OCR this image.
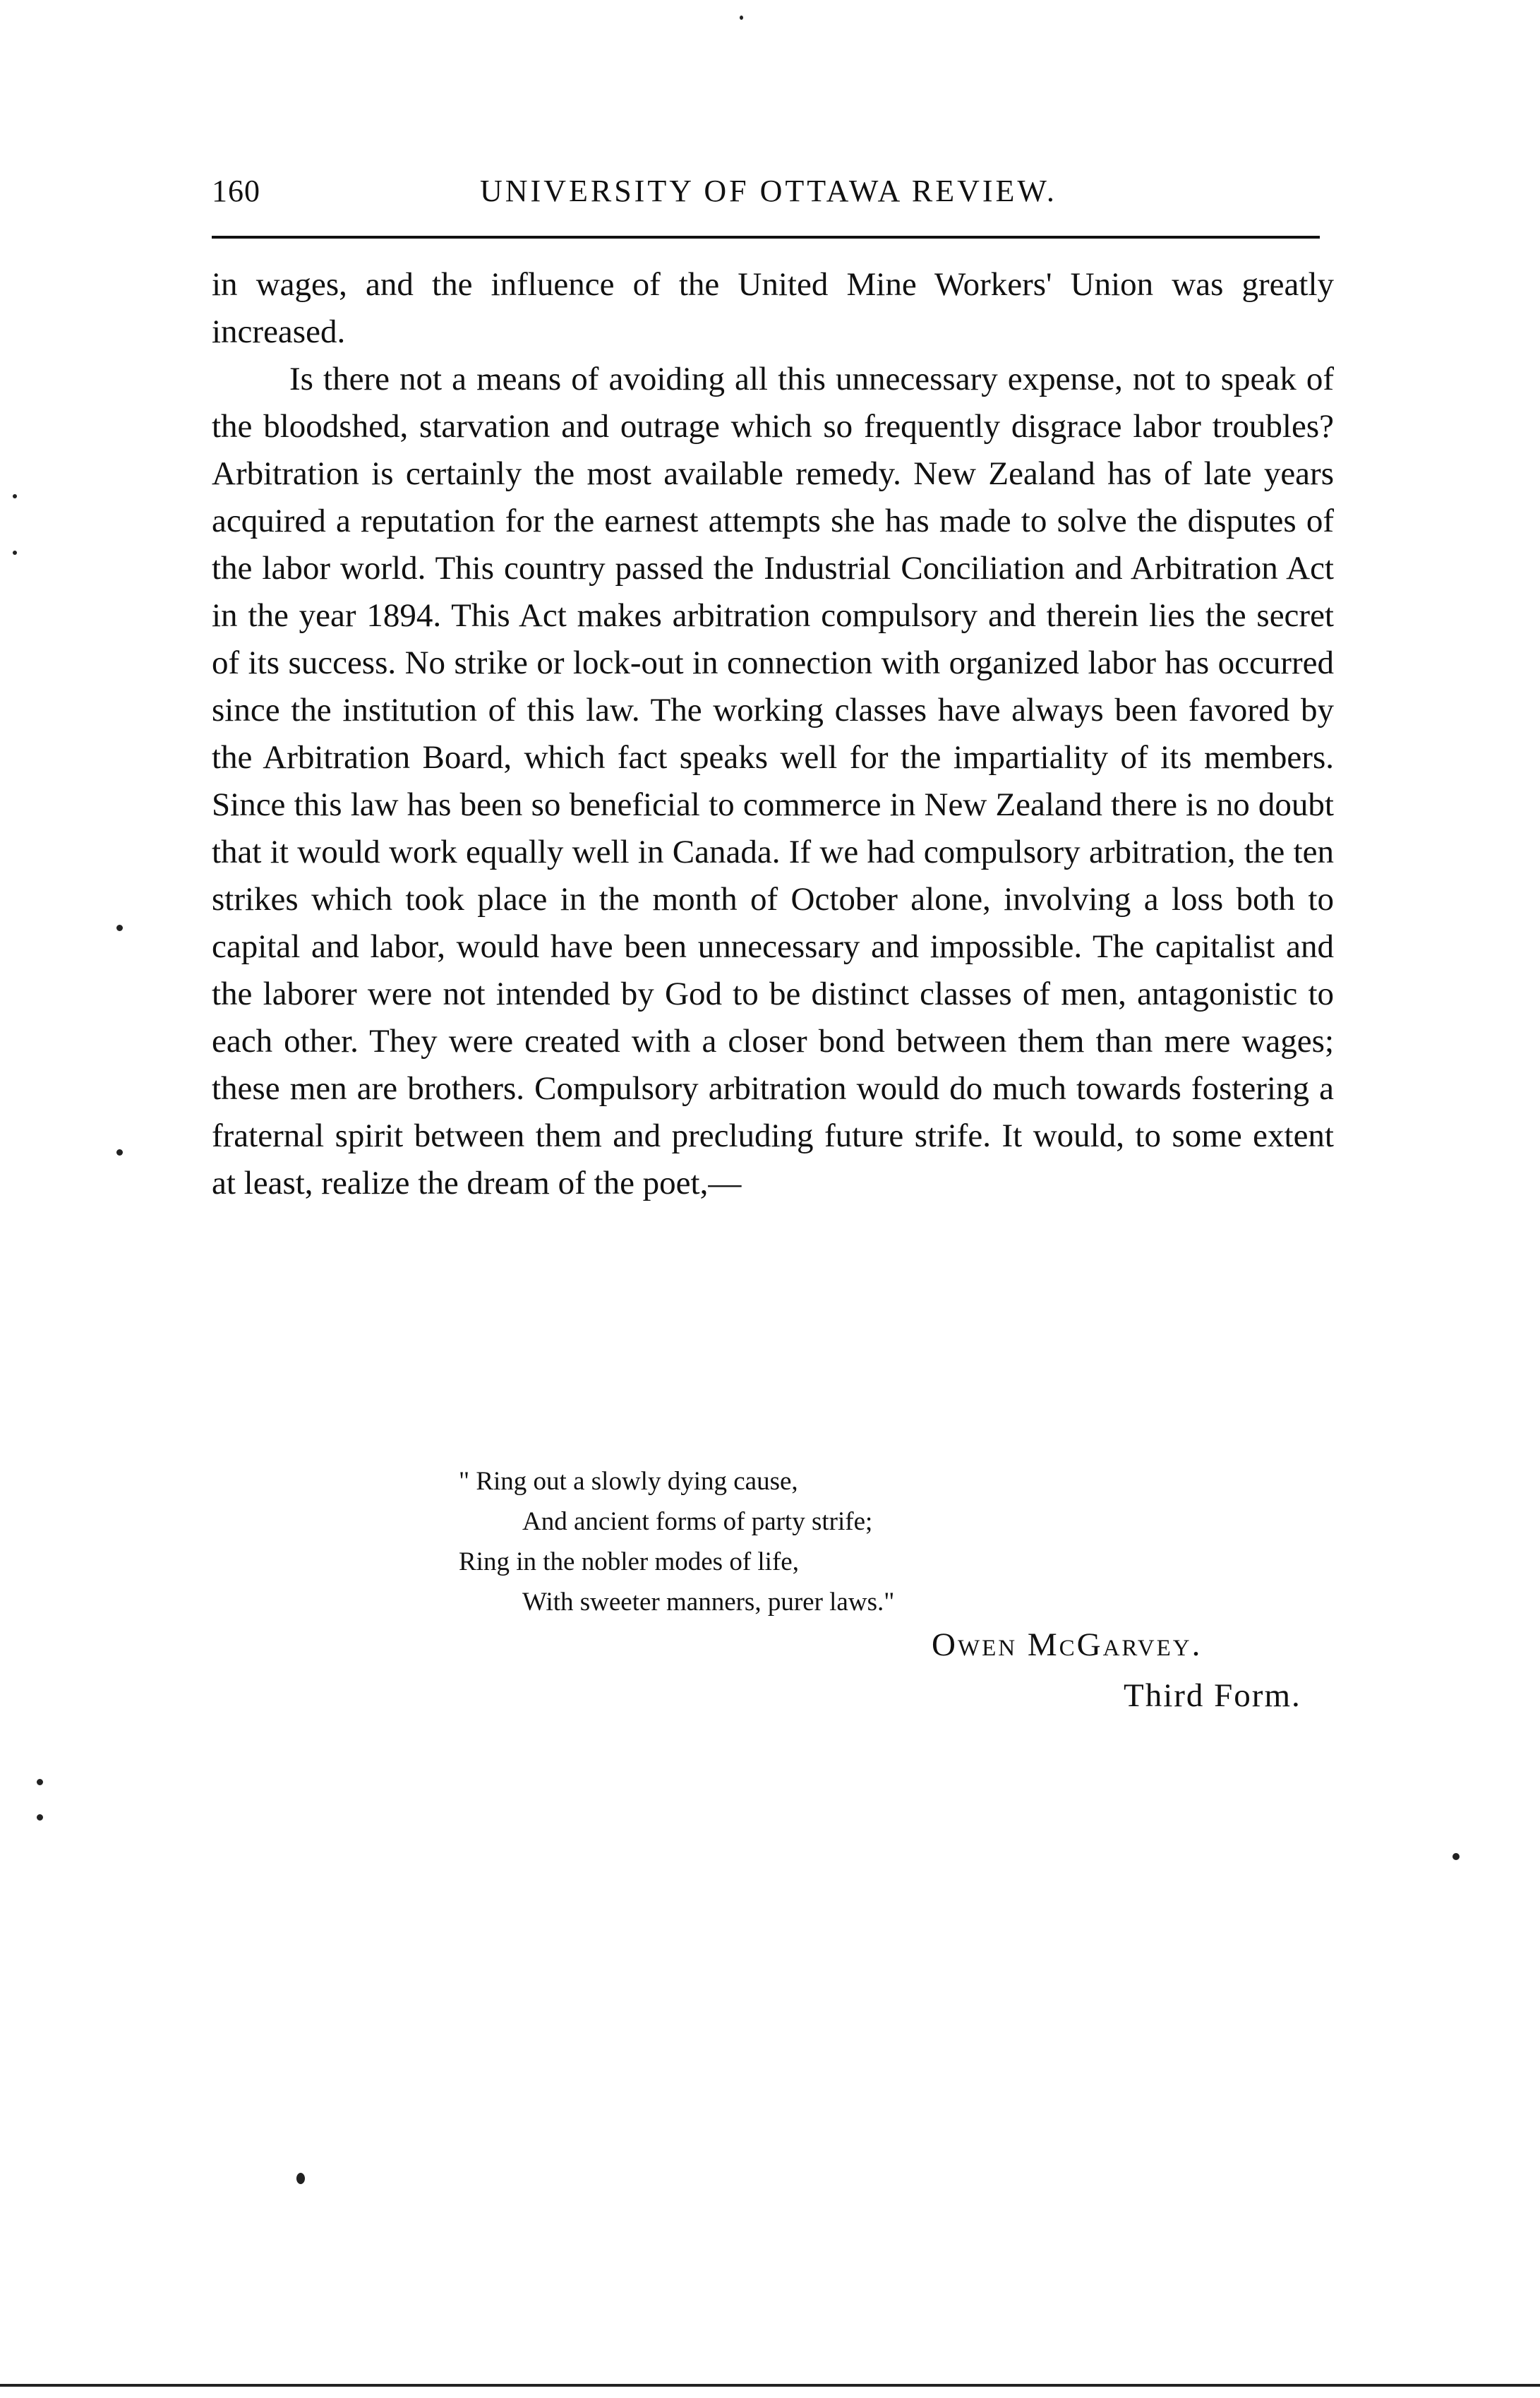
160	UNIVERSITY OF OTTAWA REVIEW.

in wages, and the influence of the United Mine Workers' Union was greatly increased.

Is there not a means of avoiding all this unnecessary expense, not to speak of the bloodshed, starvation and outrage which so frequently disgrace labor troubles? Arbitration is certainly the most available remedy. New Zealand has of late years acquired a reputation for the earnest attempts she has made to solve the disputes of the labor world. This country passed the Industrial Conciliation and Arbitration Act in the year 1894. This Act makes arbitration compulsory and therein lies the secret of its success. No strike or lock-out in connection with organized labor has occurred since the institution of this law. The working classes have always been favored by the Arbitration Board, which fact speaks well for the impartiality of its members. Since this law has been so beneficial to commerce in New Zealand there is no doubt that it would work equally well in Canada. If we had compulsory arbitration, the ten strikes which took place in the month of October alone, involving a loss both to capital and labor, would have been unnecessary and impossible. The capitalist and the laborer were not intended by God to be distinct classes of men, antagonistic to each other. They were created with a closer bond between them than mere wages; these men are brothers. Compulsory arbitration would do much towards fostering a fraternal spirit between them and precluding future strife. It would, to some extent at least, realize the dream of the poet,—

" Ring out a slowly dying cause,
And ancient forms of party strife;
Ring in the nobler modes of life,
With sweeter manners, purer laws."
Owen McGarvey.
Third Form.
